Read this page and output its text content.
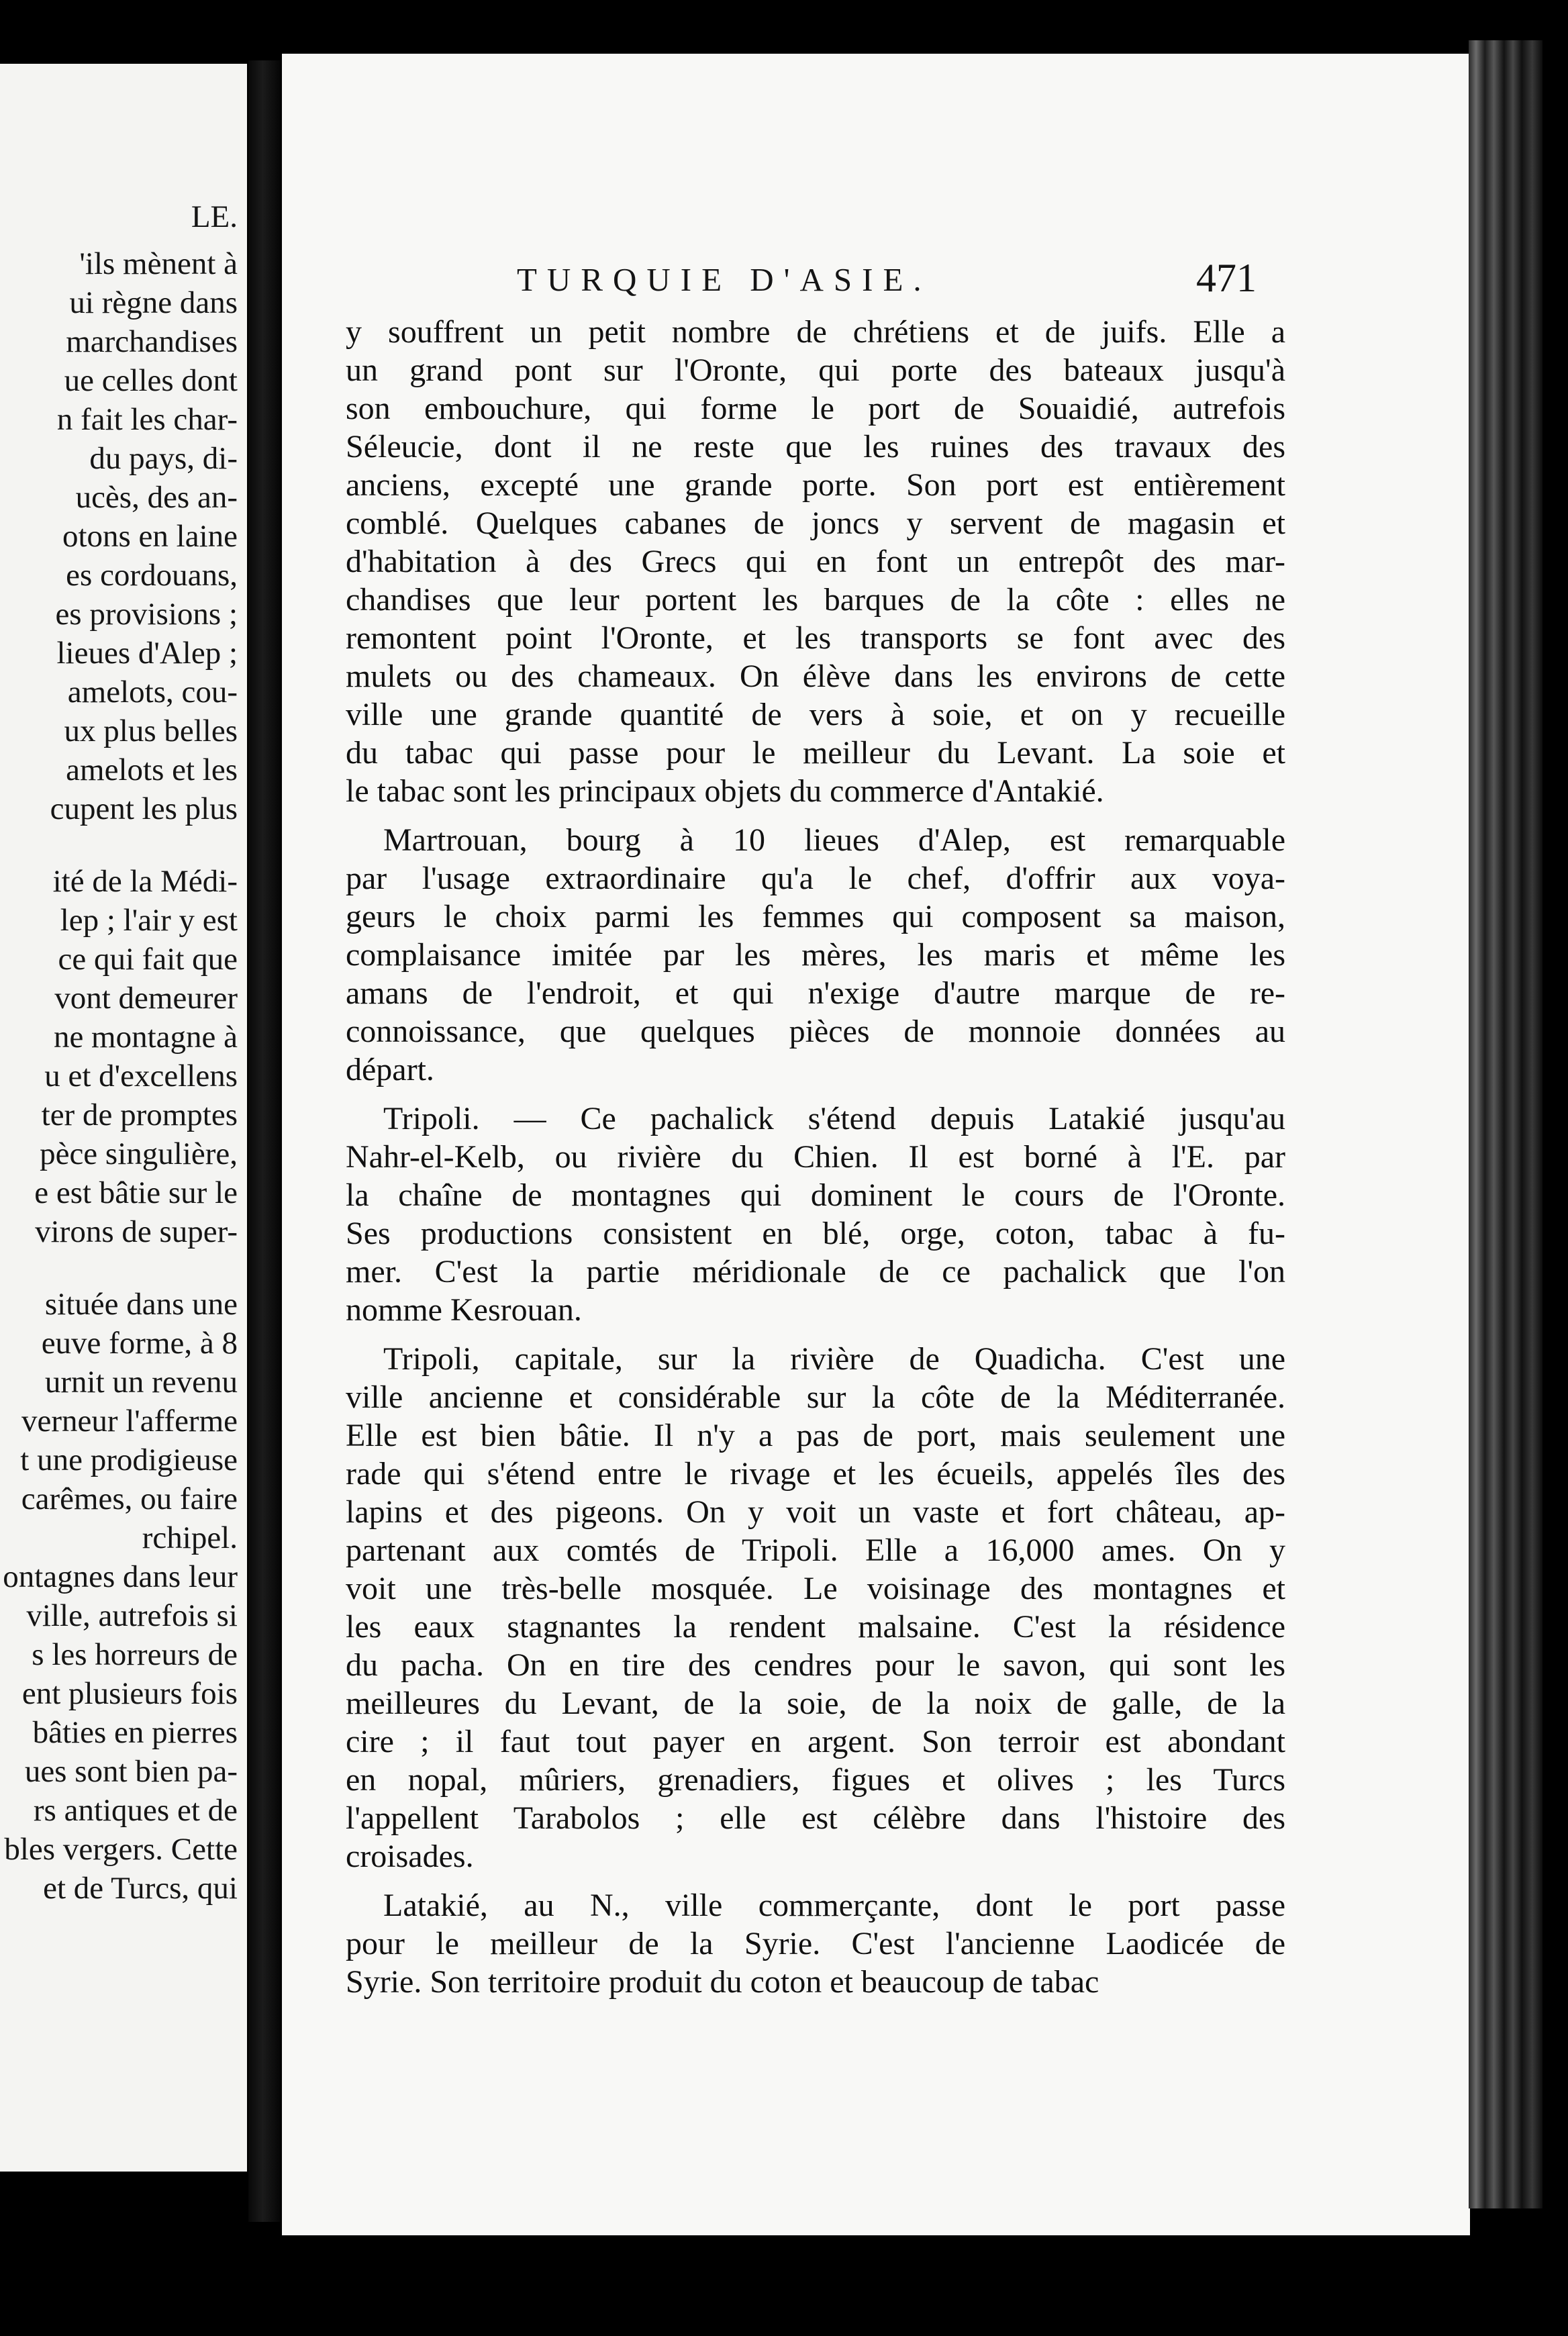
LE.
'ils mènent à
ui règne dans
marchandises
ue celles dont
n fait les char-
du pays, di-
ucès, des an-
otons en laine
es cordouans,
es provisions ;
lieues d'Alep ;
amelots, cou-
ux plus belles
amelots et les
cupent les plus
ité de la Médi-
lep ; l'air y est
ce qui fait que
vont demeurer
ne montagne à
u et d'excellens
ter de promptes
pèce singulière,
e est bâtie sur le
virons de super-
située dans une
euve forme, à 8
urnit un revenu
verneur l'afferme
t une prodigieuse
carêmes, ou faire
rchipel.
ontagnes dans leur
ville, autrefois si
s les horreurs de
ent plusieurs fois
bâties en pierres
ues sont bien pa-
rs antiques et de
bles vergers. Cette
et de Turcs, qui
TURQUIE D'ASIE.	471
y souffrent un petit nombre de chrétiens et de juifs. Elle a
un grand pont sur l'Oronte, qui porte des bateaux jusqu'à
son embouchure, qui forme le port de Souaidié, autrefois
Séleucie, dont il ne reste que les ruines des travaux des
anciens, excepté une grande porte. Son port est entièrement
comblé. Quelques cabanes de joncs y servent de magasin et
d'habitation à des Grecs qui en font un entrepôt des mar-
chandises que leur portent les barques de la côte : elles ne
remontent point l'Oronte, et les transports se font avec des
mulets ou des chameaux. On élève dans les environs de cette
ville une grande quantité de vers à soie, et on y recueille
du tabac qui passe pour le meilleur du Levant. La soie et
le tabac sont les principaux objets du commerce d'Antakié.
Martrouan, bourg à 10 lieues d'Alep, est remarquable
par l'usage extraordinaire qu'a le chef, d'offrir aux voya-
geurs le choix parmi les femmes qui composent sa maison,
complaisance imitée par les mères, les maris et même les
amans de l'endroit, et qui n'exige d'autre marque de re-
connoissance, que quelques pièces de monnoie données au
départ.
Tripoli. — Ce pachalick s'étend depuis Latakié jusqu'au
Nahr-el-Kelb, ou rivière du Chien. Il est borné à l'E. par
la chaîne de montagnes qui dominent le cours de l'Oronte.
Ses productions consistent en blé, orge, coton, tabac à fu-
mer. C'est la partie méridionale de ce pachalick que l'on
nomme Kesrouan.
Tripoli, capitale, sur la rivière de Quadicha. C'est une
ville ancienne et considérable sur la côte de la Méditerranée.
Elle est bien bâtie. Il n'y a pas de port, mais seulement une
rade qui s'étend entre le rivage et les écueils, appelés îles des
lapins et des pigeons. On y voit un vaste et fort château, ap-
partenant aux comtés de Tripoli. Elle a 16,000 ames. On y
voit une très-belle mosquée. Le voisinage des montagnes et
les eaux stagnantes la rendent malsaine. C'est la résidence
du pacha. On en tire des cendres pour le savon, qui sont les
meilleures du Levant, de la soie, de la noix de galle, de la
cire ; il faut tout payer en argent. Son terroir est abondant
en nopal, mûriers, grenadiers, figues et olives ; les Turcs
l'appellent Tarabolos ; elle est célèbre dans l'histoire des
croisades.
Latakié, au N., ville commerçante, dont le port passe
pour le meilleur de la Syrie. C'est l'ancienne Laodicée de
Syrie. Son territoire produit du coton et beaucoup de tabac
